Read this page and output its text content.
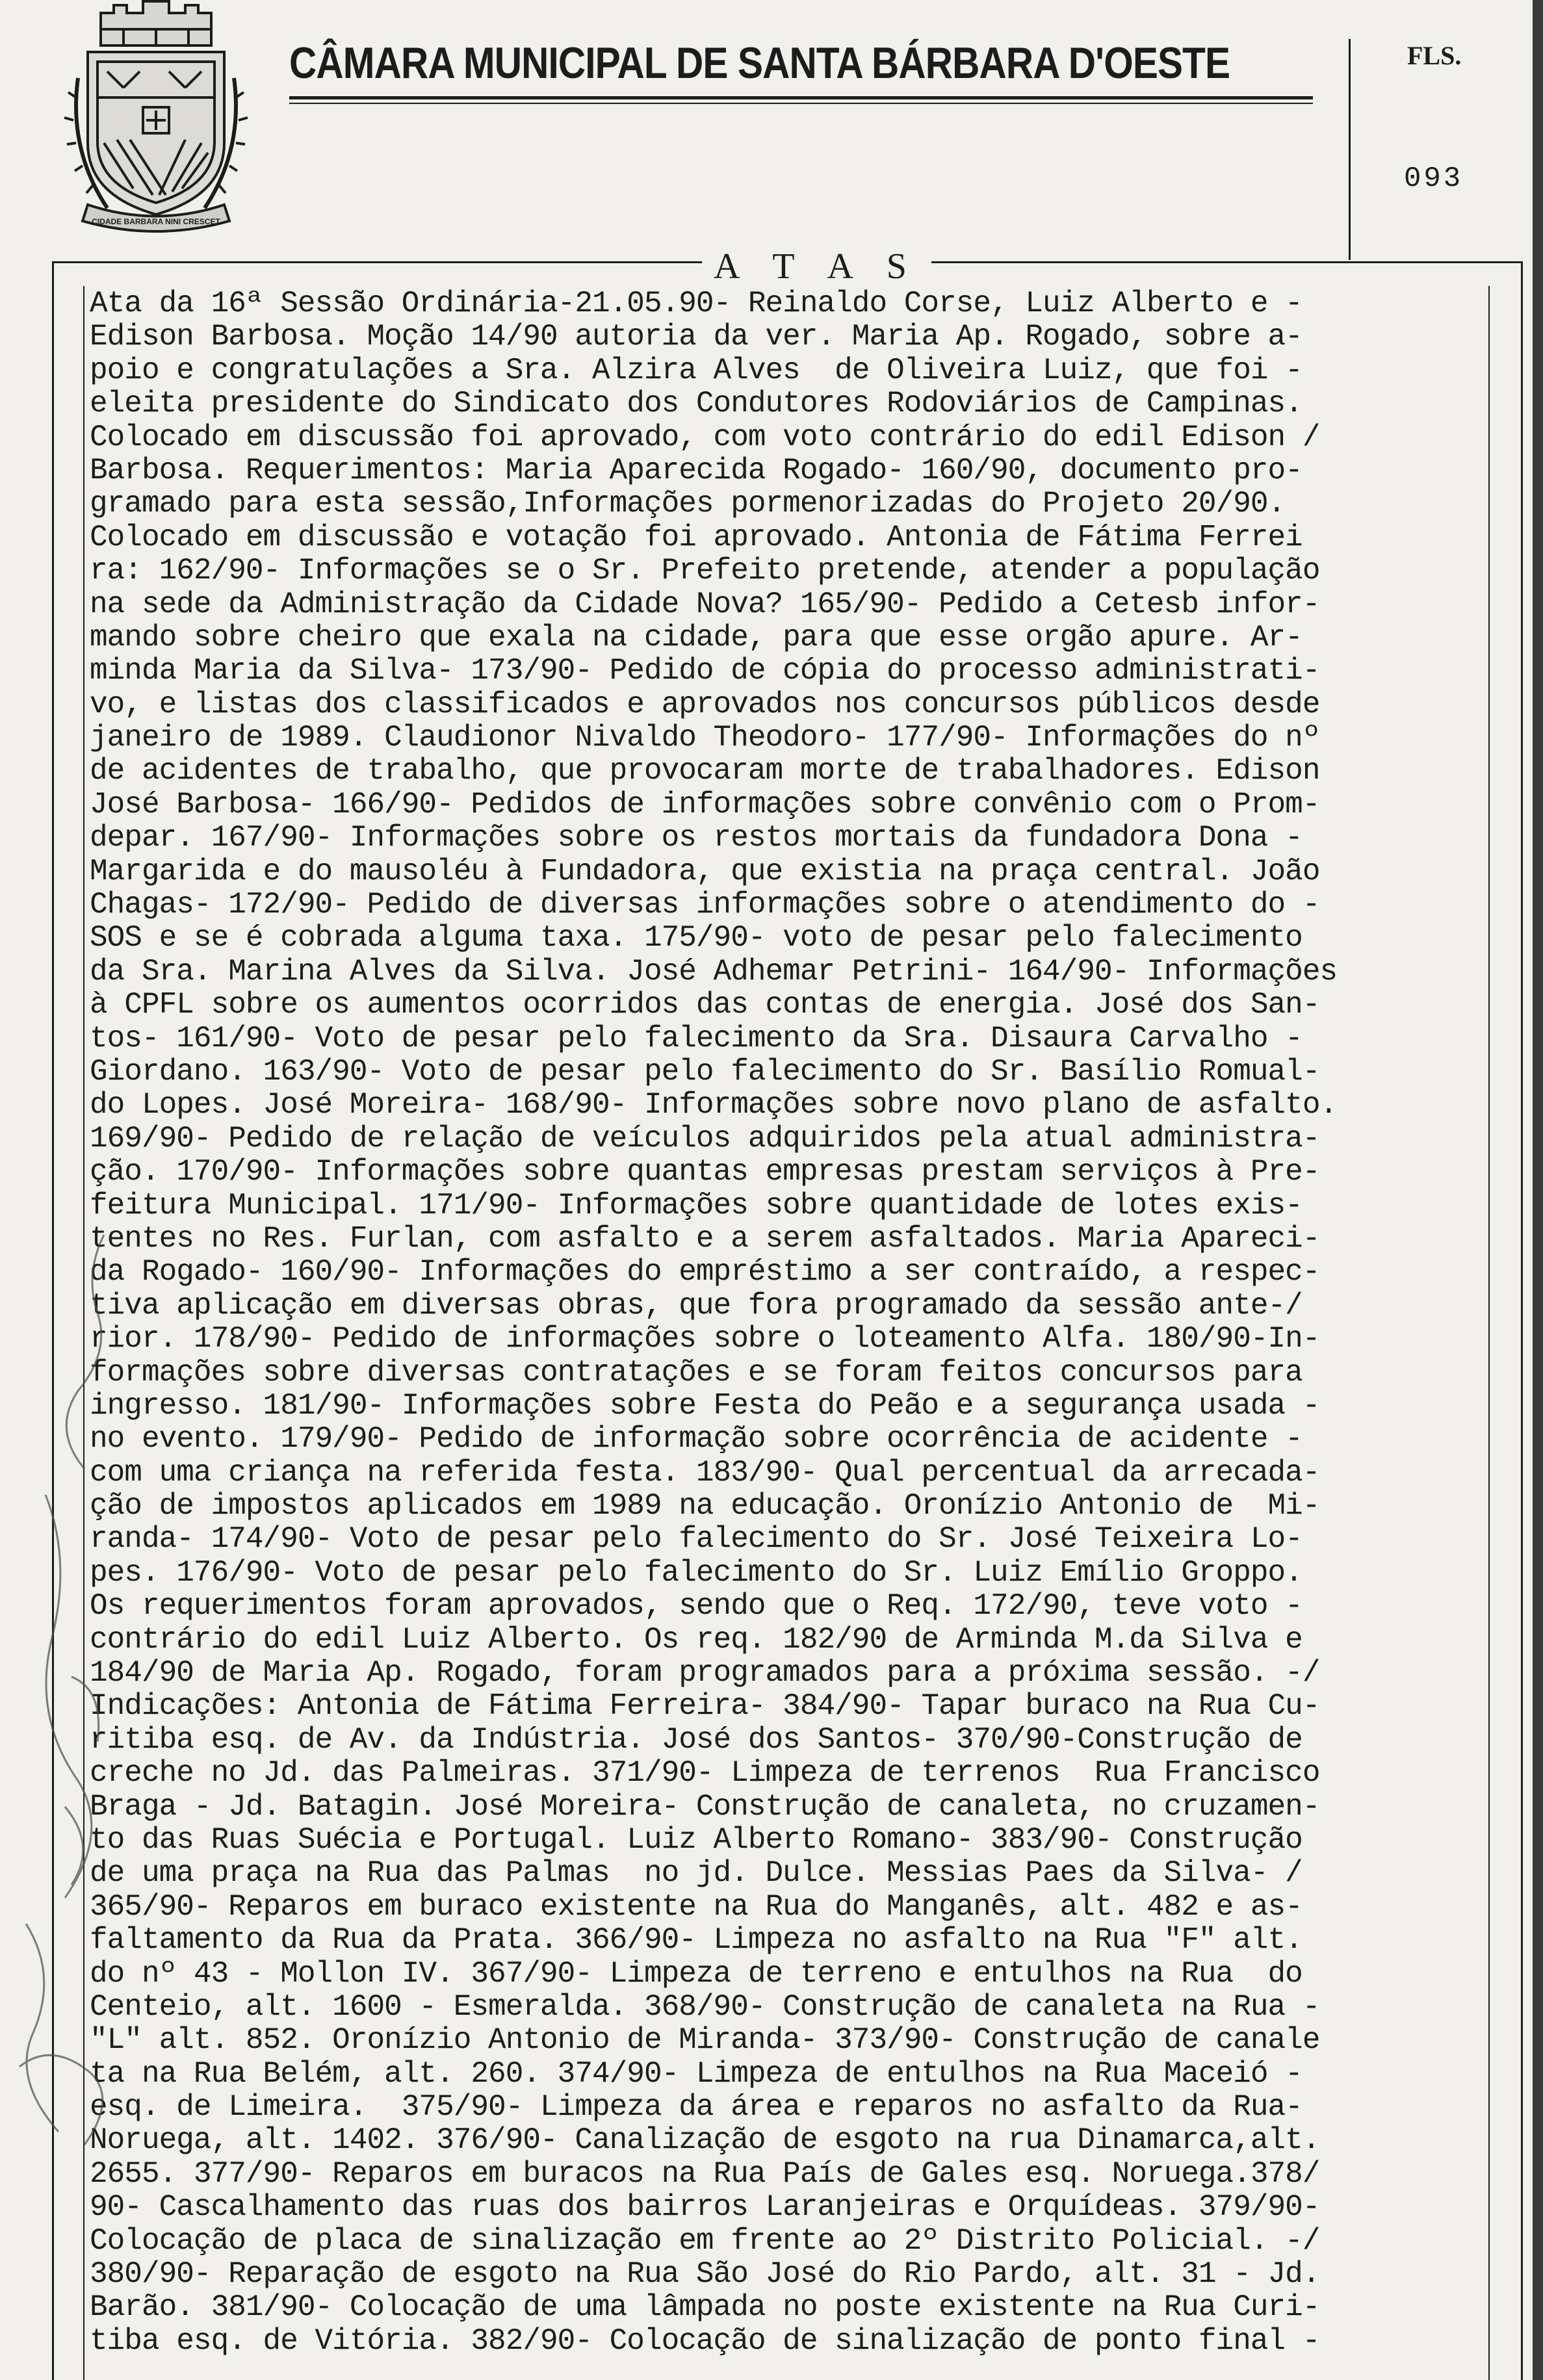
CIDADE BARBARA NINI CRESCET
CÂMARA MUNICIPAL DE SANTA BÁRBARA D'OESTE	FLS.
093
A T A S
Ata da 16ª Sessão Ordinária-21.05.90- Reinaldo Corse, Luiz Alberto e -
Edison Barbosa. Moção 14/90 autoria da ver. Maria Ap. Rogado, sobre a-
poio e congratulações a Sra. Alzira Alves  de Oliveira Luiz, que foi -
eleita presidente do Sindicato dos Condutores Rodoviários de Campinas.
Colocado em discussão foi aprovado, com voto contrário do edil Edison /
Barbosa. Requerimentos: Maria Aparecida Rogado- 160/90, documento pro-
gramado para esta sessão,Informações pormenorizadas do Projeto 20/90.
Colocado em discussão e votação foi aprovado. Antonia de Fátima Ferrei
ra: 162/90- Informações se o Sr. Prefeito pretende, atender a população
na sede da Administração da Cidade Nova? 165/90- Pedido a Cetesb infor-
mando sobre cheiro que exala na cidade, para que esse orgão apure. Ar-
minda Maria da Silva- 173/90- Pedido de cópia do processo administrati-
vo, e listas dos classificados e aprovados nos concursos públicos desde
janeiro de 1989. Claudionor Nivaldo Theodoro- 177/90- Informações do nº
de acidentes de trabalho, que provocaram morte de trabalhadores. Edison
José Barbosa- 166/90- Pedidos de informações sobre convênio com o Prom-
depar. 167/90- Informações sobre os restos mortais da fundadora Dona -
Margarida e do mausoléu à Fundadora, que existia na praça central. João
Chagas- 172/90- Pedido de diversas informações sobre o atendimento do -
SOS e se é cobrada alguma taxa. 175/90- voto de pesar pelo falecimento
da Sra. Marina Alves da Silva. José Adhemar Petrini- 164/90- Informações
à CPFL sobre os aumentos ocorridos das contas de energia. José dos San-
tos- 161/90- Voto de pesar pelo falecimento da Sra. Disaura Carvalho -
Giordano. 163/90- Voto de pesar pelo falecimento do Sr. Basílio Romual-
do Lopes. José Moreira- 168/90- Informações sobre novo plano de asfalto.
169/90- Pedido de relação de veículos adquiridos pela atual administra-
ção. 170/90- Informações sobre quantas empresas prestam serviços à Pre-
feitura Municipal. 171/90- Informações sobre quantidade de lotes exis-
tentes no Res. Furlan, com asfalto e a serem asfaltados. Maria Apareci-
da Rogado- 160/90- Informações do empréstimo a ser contraído, a respec-
tiva aplicação em diversas obras, que fora programado da sessão ante-/
rior. 178/90- Pedido de informações sobre o loteamento Alfa. 180/90-In-
formações sobre diversas contratações e se foram feitos concursos para
ingresso. 181/90- Informações sobre Festa do Peão e a segurança usada -
no evento. 179/90- Pedido de informação sobre ocorrência de acidente -
com uma criança na referida festa. 183/90- Qual percentual da arrecada-
ção de impostos aplicados em 1989 na educação. Oronízio Antonio de  Mi-
randa- 174/90- Voto de pesar pelo falecimento do Sr. José Teixeira Lo-
pes. 176/90- Voto de pesar pelo falecimento do Sr. Luiz Emílio Groppo.
Os requerimentos foram aprovados, sendo que o Req. 172/90, teve voto -
contrário do edil Luiz Alberto. Os req. 182/90 de Arminda M.da Silva e
184/90 de Maria Ap. Rogado, foram programados para a próxima sessão. -/
Indicações: Antonia de Fátima Ferreira- 384/90- Tapar buraco na Rua Cu-
ritiba esq. de Av. da Indústria. José dos Santos- 370/90-Construção de
creche no Jd. das Palmeiras. 371/90- Limpeza de terrenos  Rua Francisco
Braga - Jd. Batagin. José Moreira- Construção de canaleta, no cruzamen-
to das Ruas Suécia e Portugal. Luiz Alberto Romano- 383/90- Construção
de uma praça na Rua das Palmas  no jd. Dulce. Messias Paes da Silva- /
365/90- Reparos em buraco existente na Rua do Manganês, alt. 482 e as-
faltamento da Rua da Prata. 366/90- Limpeza no asfalto na Rua "F" alt.
do nº 43 - Mollon IV. 367/90- Limpeza de terreno e entulhos na Rua  do
Centeio, alt. 1600 - Esmeralda. 368/90- Construção de canaleta na Rua -
"L" alt. 852. Oronízio Antonio de Miranda- 373/90- Construção de canale
ta na Rua Belém, alt. 260. 374/90- Limpeza de entulhos na Rua Maceió -
esq. de Limeira.  375/90- Limpeza da área e reparos no asfalto da Rua-
Noruega, alt. 1402. 376/90- Canalização de esgoto na rua Dinamarca,alt.
2655. 377/90- Reparos em buracos na Rua País de Gales esq. Noruega.378/
90- Cascalhamento das ruas dos bairros Laranjeiras e Orquídeas. 379/90-
Colocação de placa de sinalização em frente ao 2º Distrito Policial. -/
380/90- Reparação de esgoto na Rua São José do Rio Pardo, alt. 31 - Jd.
Barão. 381/90- Colocação de uma lâmpada no poste existente na Rua Curi-
tiba esq. de Vitória. 382/90- Colocação de sinalização de ponto final -
